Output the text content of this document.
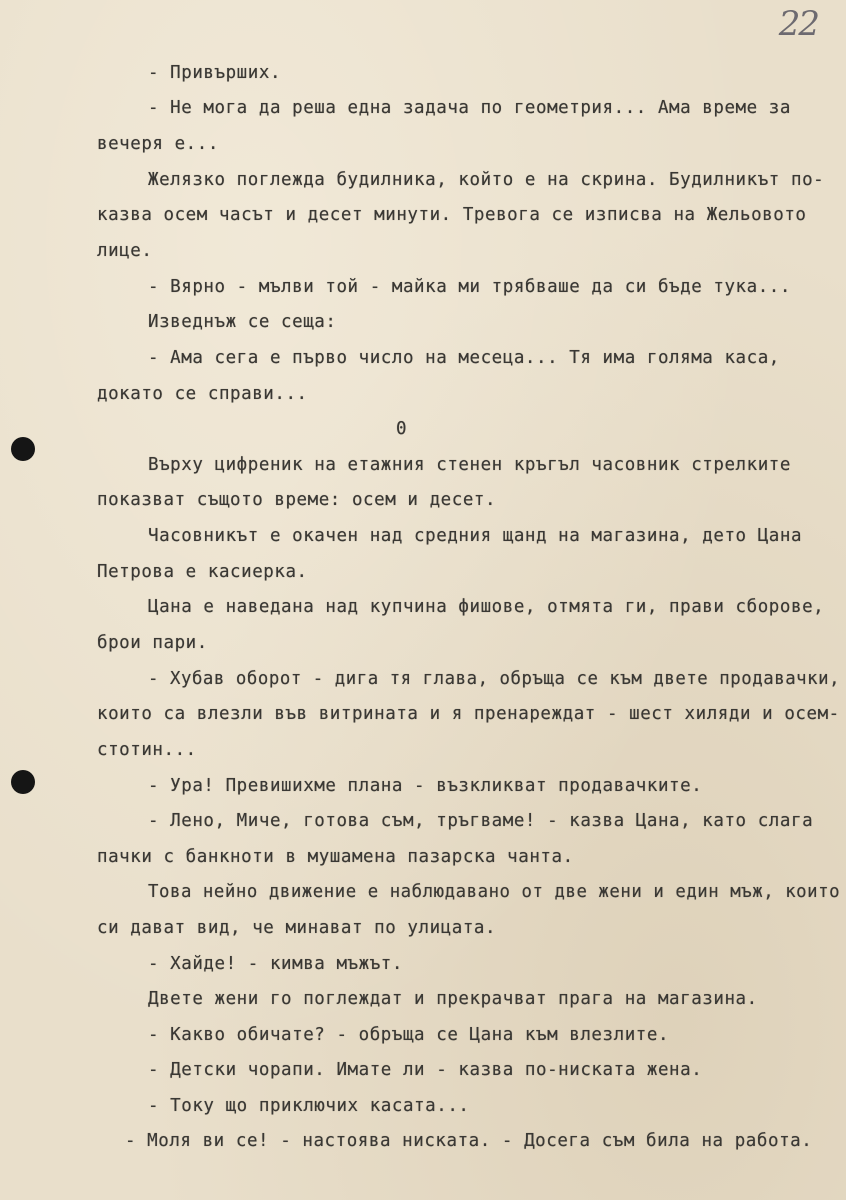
22
- Привърших.
- Не мога да реша една задача по геометрия... Ама време за
вечеря е...
Желязко поглежда будилника, който е на скрина. Будилникът по-
казва осем часът и десет минути. Тревога се изписва на Жельовото
лице.
- Вярно - мълви той - майка ми трябваше да си бъде тука...
Изведнъж се сеща:
- Ама сега е първо число на месеца... Тя има голяма каса,
докато се справи...
0
Върху цифреник на етажния стенен кръгъл часовник стрелките
показват същото време: осем и десет.
Часовникът е окачен над средния щанд на магазина, дето Цана
Петрова е касиерка.
Цана е наведана над купчина фишове, отмята ги, прави сборове,
брои пари.
- Хубав оборот - дига тя глава, обръща се към двете продавачки,
които са влезли във витрината и я пренареждат - шест хиляди и осем-
стотин...
- Ура! Превишихме плана - възкликват продавачките.
- Лено, Миче, готова съм, тръгваме! - казва Цана, като слага
пачки с банкноти в мушамена пазарска чанта.
Това нейно движение е наблюдавано от две жени и един мъж, които
си дават вид, че минават по улицата.
- Хайде! - кимва мъжът.
Двете жени го поглеждат и прекрачват прага на магазина.
- Какво обичате? - обръща се Цана към влезлите.
- Детски чорапи. Имате ли - казва по-ниската жена.
- Току що приключих касата...
- Моля ви се! - настоява ниската. - Досега съм била на работа.
